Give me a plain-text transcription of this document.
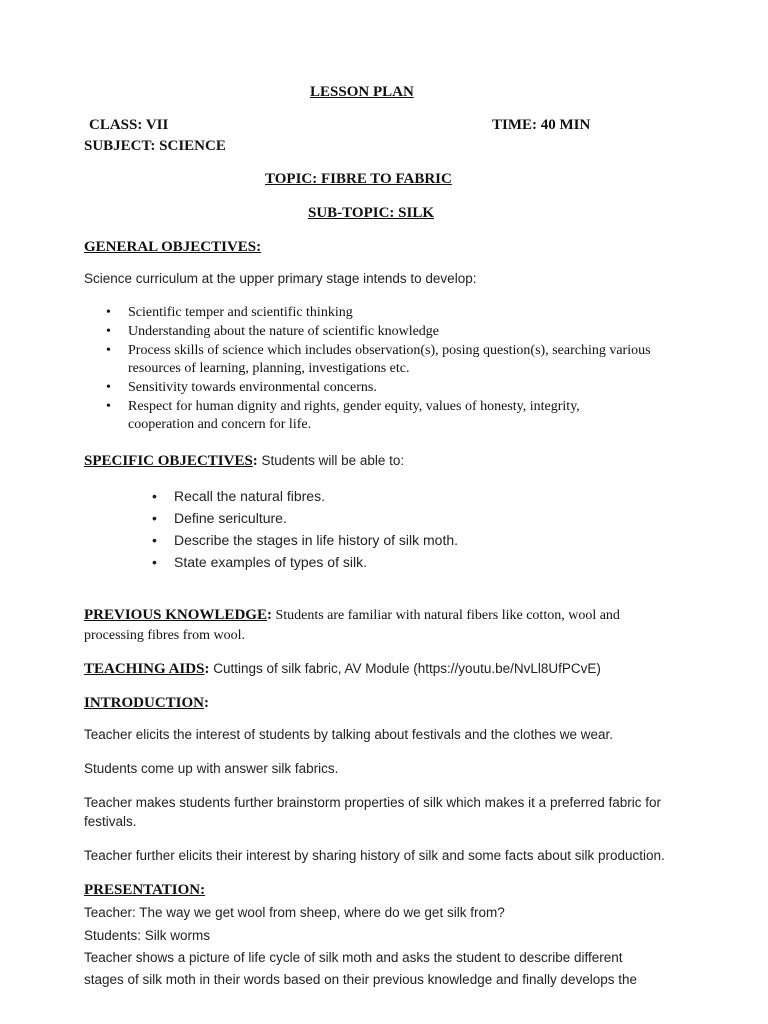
LESSON PLAN
CLASS: VII	TIME: 40 MIN
SUBJECT: SCIENCE
TOPIC: FIBRE TO FABRIC
SUB-TOPIC: SILK
GENERAL OBJECTIVES:
Science curriculum at the upper primary stage intends to develop:
• Scientific temper and scientific thinking
• Understanding about the nature of scientific knowledge
• Process skills of science which includes observation(s), posing question(s), searching various resources of learning, planning, investigations etc.
• Sensitivity towards environmental concerns.
• Respect for human dignity and rights, gender equity, values of honesty, integrity, cooperation and concern for life.
SPECIFIC OBJECTIVES: Students will be able to:
• Recall the natural fibres.
• Define sericulture.
• Describe the stages in life history of silk moth.
• State examples of types of silk.
PREVIOUS KNOWLEDGE: Students are familiar with natural fibers like cotton, wool and
processing fibres from wool.
TEACHING AIDS: Cuttings of silk fabric, AV Module (https://youtu.be/NvLl8UfPCvE)
INTRODUCTION:
Teacher elicits the interest of students by talking about festivals and the clothes we wear.
Students come up with answer silk fabrics.
Teacher makes students further brainstorm properties of silk which makes it a preferred fabric for
festivals.
Teacher further elicits their interest by sharing history of silk and some facts about silk production.
PRESENTATION:
Teacher: The way we get wool from sheep, where do we get silk from?
Students: Silk worms
Teacher shows a picture of life cycle of silk moth and asks the student to describe different
stages of silk moth in their words based on their previous knowledge and finally develops the
